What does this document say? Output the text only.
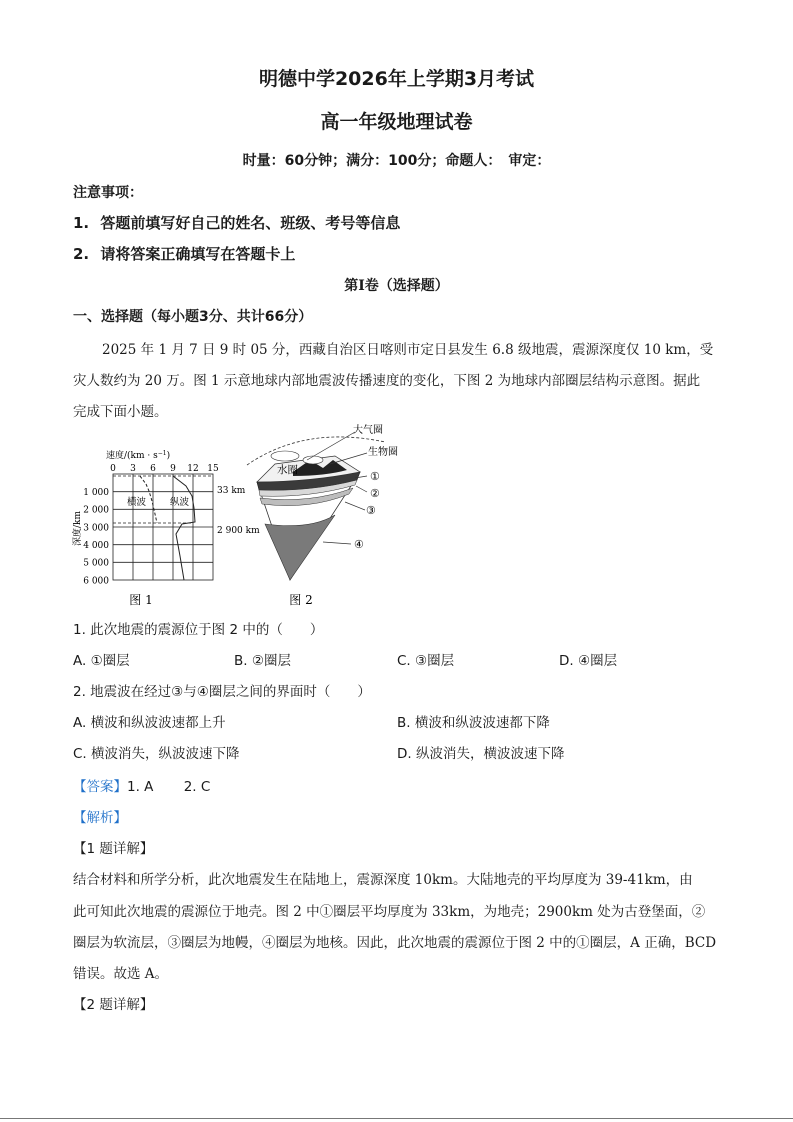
明德中学2026年上学期3月考试
高一年级地理试卷
时量：60分钟；满分：100分；命题人：　审定：
注意事项：
1. 答题前填写好自己的姓名、班级、考号等信息
2. 请将答案正确填写在答题卡上
第Ⅰ卷（选择题）
一、选择题（每小题3分、共计66分）
2025 年 1 月 7 日 9 时 05 分，西藏自治区日喀则市定日县发生 6.8 级地震，震源深度仅 10 km，受
灾人数约为 20 万。图 1 示意地球内部地震波传播速度的变化，下图 2 为地球内部圈层结构示意图。据此
完成下面小题。
速度$/(km \cdot s^{-1})$
0 3 6 9 12 15
横波	纵波
1 000
2 000
3 000
4 000
5 000
6 000
深度/km
图 1
大气圈
生物圈
水圈
33 km
2 900 km
①
②
③
④
图 2
1. 此次地震的震源位于图 2 中的（　　）
A. ①圈层	B. ②圈层	C. ③圈层	D. ④圈层
2. 地震波在经过③与④圈层之间的界面时（　　）
A. 横波和纵波波速都上升	B. 横波和纵波波速都下降
C. 横波消失，纵波波速下降	D. 纵波消失，横波波速下降
【答案】1. A 2. C
【解析】
【1 题详解】
结合材料和所学分析，此次地震发生在陆地上，震源深度 10km。大陆地壳的平均厚度为 39-41km，由
此可知此次地震的震源位于地壳。图 2 中①圈层平均厚度为 33km，为地壳；2900km 处为古登堡面，②
圈层为软流层，③圈层为地幔，④圈层为地核。因此，此次地震的震源位于图 2 中的①圈层，A 正确，BCD
错误。故选 A。
【2 题详解】
